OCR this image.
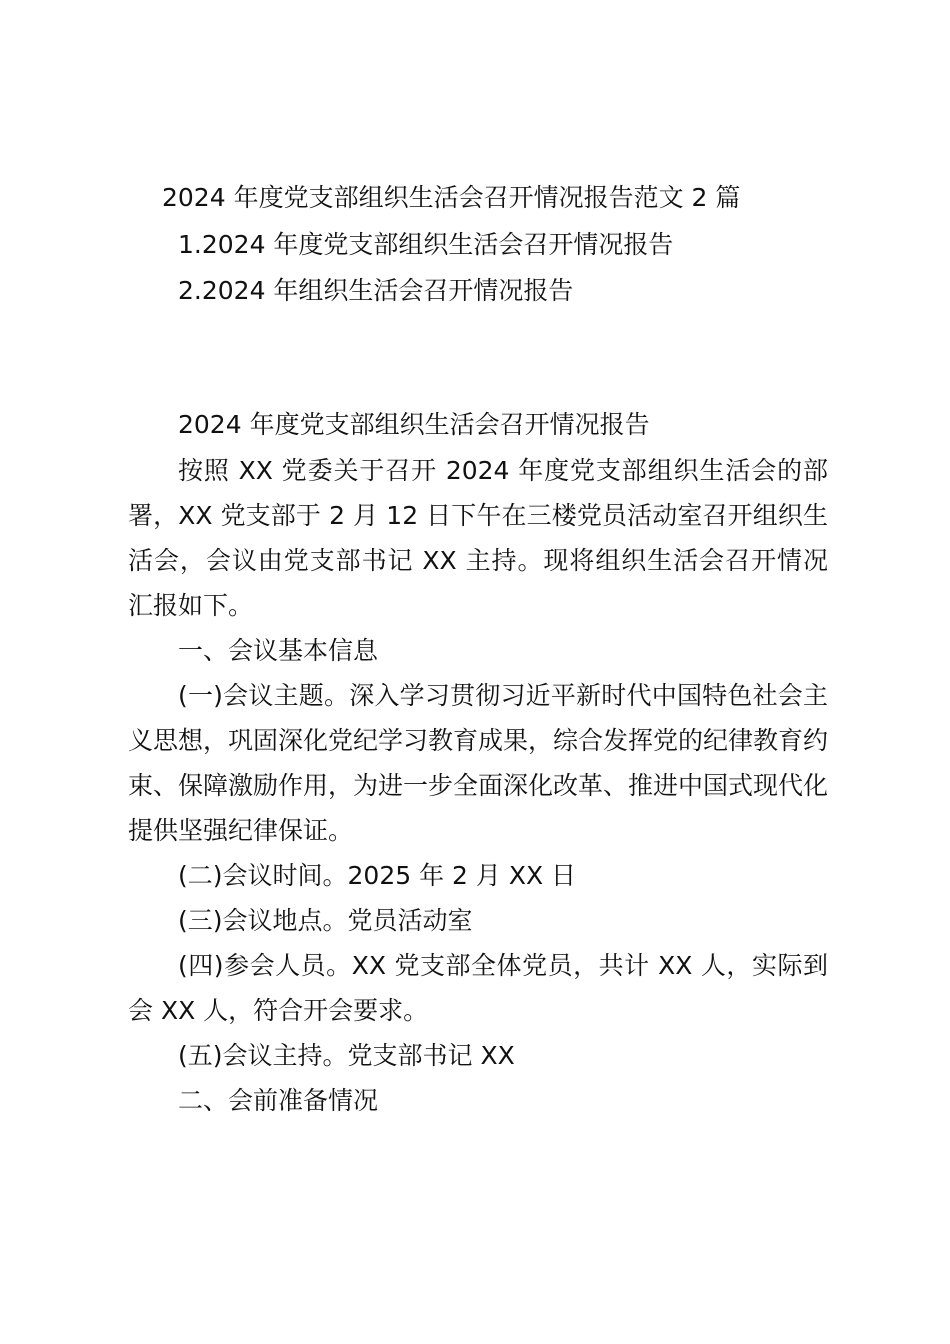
2024 年度党支部组织生活会召开情况报告范文 2 篇
1.2024 年度党支部组织生活会召开情况报告
2.2024 年组织生活会召开情况报告
2024 年度党支部组织生活会召开情况报告
按照 XX 党委关于召开 2024 年度党支部组织生活会的部署，XX 党支部于 2 月 12 日下午在三楼党员活动室召开组织生活会，会议由党支部书记 XX 主持。现将组织生活会召开情况汇报如下。
一、会议基本信息
(一)会议主题。深入学习贯彻习近平新时代中国特色社会主义思想，巩固深化党纪学习教育成果，综合发挥党的纪律教育约束、保障激励作用，为进一步全面深化改革、推进中国式现代化提供坚强纪律保证。
(二)会议时间。2025 年 2 月 XX 日
(三)会议地点。党员活动室
(四)参会人员。XX 党支部全体党员，共计 XX 人，实际到会 XX 人，符合开会要求。
(五)会议主持。党支部书记 XX
二、会前准备情况
